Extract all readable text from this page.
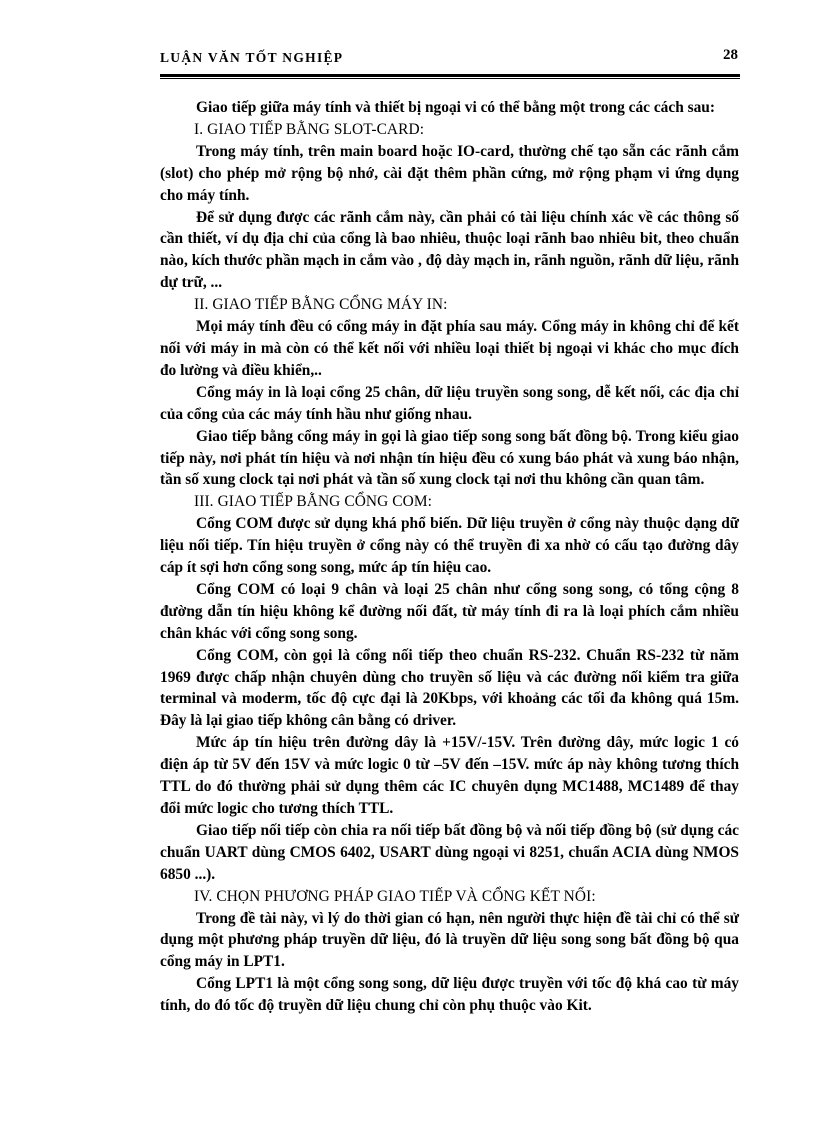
LUẬN VĂN TỐT NGHIỆP	28

Giao tiếp giữa máy tính và thiết bị ngoại vi có thể bằng một trong các cách sau:

I. GIAO TIẾP BẰNG SLOT-CARD:

Trong máy tính, trên main board hoặc IO-card, thường chế tạo sẵn các rãnh cắm (slot) cho phép mở rộng bộ nhớ, cài đặt thêm phần cứng, mở rộng phạm vi ứng dụng cho máy tính.

Để sử dụng được các rãnh cắm này, cần phải có tài liệu chính xác về các thông số cần thiết, ví dụ địa chỉ của cổng là bao nhiêu, thuộc loại rãnh bao nhiêu bit, theo chuẩn nào, kích thước phần mạch in cắm vào , độ dày mạch in, rãnh nguồn, rãnh dữ liệu, rãnh dự trữ, ...

II. GIAO TIẾP BẰNG CỔNG MÁY IN:

Mọi máy tính đều có cổng máy in đặt phía sau máy. Cổng máy in không chỉ để kết nối với máy in mà còn có thể kết nối với nhiều loại thiết bị ngoại vi khác cho mục đích đo lường và điều khiển,..

Cổng máy in là loại cổng 25 chân, dữ liệu truyền song song, dễ kết nối, các địa chỉ của cổng của các máy tính hầu như giống nhau.

Giao tiếp bằng cổng máy in gọi là giao tiếp song song bất đồng bộ. Trong kiểu giao tiếp này, nơi phát tín hiệu và nơi nhận tín hiệu đều có xung báo phát và xung báo nhận, tần số xung clock tại nơi phát và tần số xung clock tại nơi thu không cần quan tâm.

III. GIAO TIẾP BẰNG CỔNG COM:

Cổng COM được sử dụng khá phổ biến. Dữ liệu truyền ở cổng này thuộc dạng dữ liệu nối tiếp. Tín hiệu truyền ở cổng này có thể truyền đi xa nhờ có cấu tạo đường dây cáp ít sợi hơn cổng song song, mức áp tín hiệu cao.

Cổng COM có loại 9 chân và loại 25 chân như cổng song song, có tổng cộng 8 đường dẫn tín hiệu không kể đường nối đất, từ máy tính đi ra là loại phích cắm nhiều chân khác với cổng song song.

Cổng COM, còn gọi là cổng nối tiếp theo chuẩn RS-232. Chuẩn RS-232 từ năm 1969 được chấp nhận chuyên dùng cho truyền số liệu và các đường nối kiểm tra giữa terminal và moderm, tốc độ cực đại là 20Kbps, với khoảng các tối đa không quá 15m. Đây là lại giao tiếp không cân bằng có driver.

Mức áp tín hiệu trên đường dây là +15V/-15V. Trên đường dây, mức logic 1 có điện áp từ 5V đến 15V và mức logic 0 từ –5V đến –15V. mức áp này không tương thích TTL do đó thường phải sử dụng thêm các IC chuyên dụng MC1488, MC1489 để thay đổi mức logic cho tương thích TTL.

Giao tiếp nối tiếp còn chia ra nối tiếp bất đồng bộ và nối tiếp đồng bộ (sử dụng các chuẩn UART dùng CMOS 6402, USART dùng ngoại vi 8251, chuẩn ACIA dùng NMOS 6850 ...).

IV. CHỌN PHƯƠNG PHÁP GIAO TIẾP VÀ CỔNG KẾT NỐI:

Trong đề tài này, vì lý do thời gian có hạn, nên người thực hiện đề tài chỉ có thể sử dụng một phương pháp truyền dữ liệu, đó là truyền dữ liệu song song bất đồng bộ qua cổng máy in LPT1.

Cổng LPT1 là một cổng song song, dữ liệu được truyền với tốc độ khá cao từ máy tính, do đó tốc độ truyền dữ liệu chung chỉ còn phụ thuộc vào Kit.
